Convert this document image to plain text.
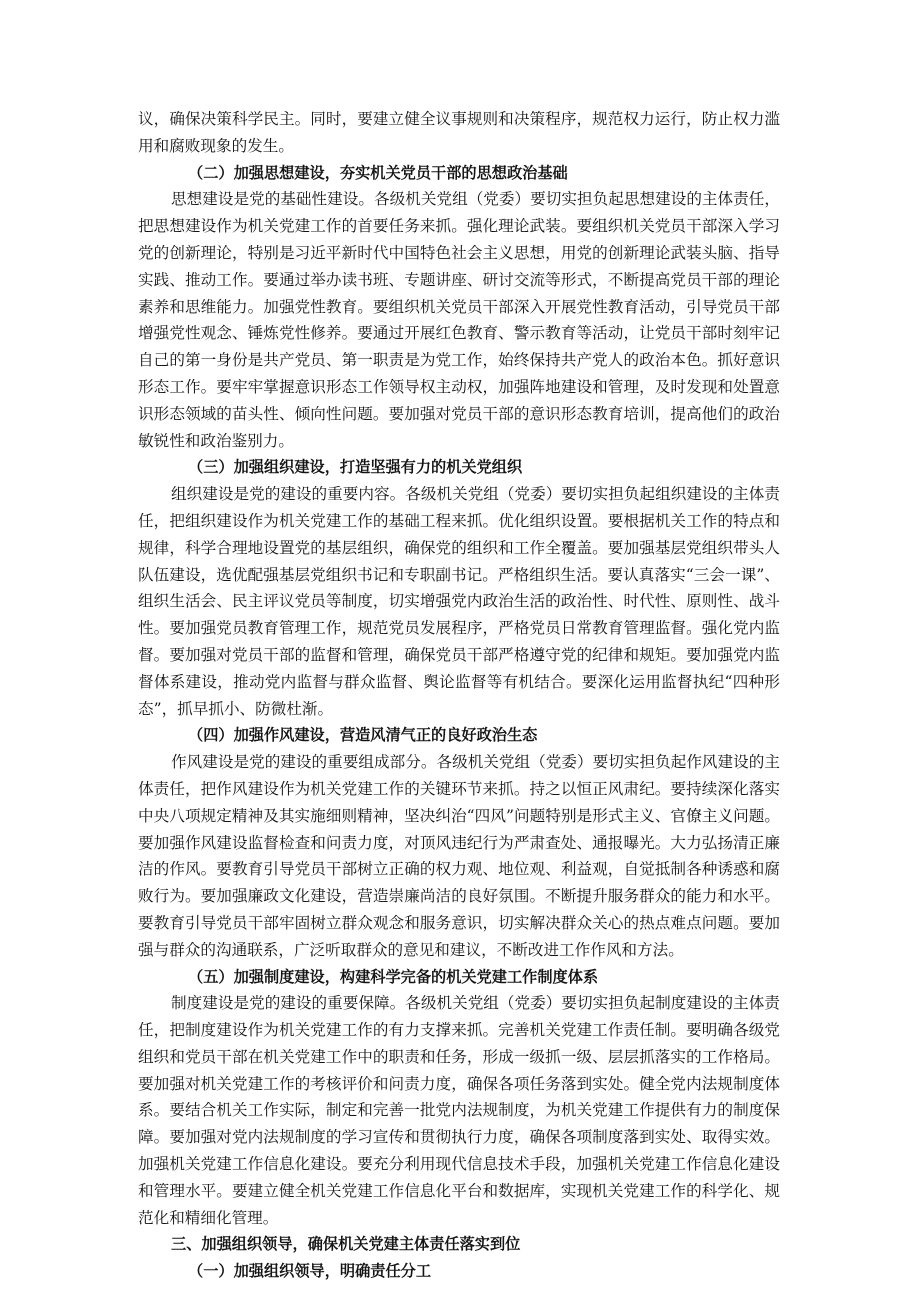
议，确保决策科学民主。同时，要建立健全议事规则和决策程序，规范权力运行，防止权力滥用和腐败现象的发生。

（二）加强思想建设，夯实机关党员干部的思想政治基础

思想建设是党的基础性建设。各级机关党组（党委）要切实担负起思想建设的主体责任，把思想建设作为机关党建工作的首要任务来抓。强化理论武装。要组织机关党员干部深入学习党的创新理论，特别是习近平新时代中国特色社会主义思想，用党的创新理论武装头脑、指导实践、推动工作。要通过举办读书班、专题讲座、研讨交流等形式，不断提高党员干部的理论素养和思维能力。加强党性教育。要组织机关党员干部深入开展党性教育活动，引导党员干部增强党性观念、锤炼党性修养。要通过开展红色教育、警示教育等活动，让党员干部时刻牢记自己的第一身份是共产党员、第一职责是为党工作，始终保持共产党人的政治本色。抓好意识形态工作。要牢牢掌握意识形态工作领导权主动权，加强阵地建设和管理，及时发现和处置意识形态领域的苗头性、倾向性问题。要加强对党员干部的意识形态教育培训，提高他们的政治敏锐性和政治鉴别力。

（三）加强组织建设，打造坚强有力的机关党组织

组织建设是党的建设的重要内容。各级机关党组（党委）要切实担负起组织建设的主体责任，把组织建设作为机关党建工作的基础工程来抓。优化组织设置。要根据机关工作的特点和规律，科学合理地设置党的基层组织，确保党的组织和工作全覆盖。要加强基层党组织带头人队伍建设，选优配强基层党组织书记和专职副书记。严格组织生活。要认真落实“三会一课”、组织生活会、民主评议党员等制度，切实增强党内政治生活的政治性、时代性、原则性、战斗性。要加强党员教育管理工作，规范党员发展程序，严格党员日常教育管理监督。强化党内监督。要加强对党员干部的监督和管理，确保党员干部严格遵守党的纪律和规矩。要加强党内监督体系建设，推动党内监督与群众监督、舆论监督等有机结合。要深化运用监督执纪“四种形态”，抓早抓小、防微杜渐。

（四）加强作风建设，营造风清气正的良好政治生态

作风建设是党的建设的重要组成部分。各级机关党组（党委）要切实担负起作风建设的主体责任，把作风建设作为机关党建工作的关键环节来抓。持之以恒正风肃纪。要持续深化落实中央八项规定精神及其实施细则精神，坚决纠治“四风”问题特别是形式主义、官僚主义问题。要加强作风建设监督检查和问责力度，对顶风违纪行为严肃查处、通报曝光。大力弘扬清正廉洁的作风。要教育引导党员干部树立正确的权力观、地位观、利益观，自觉抵制各种诱惑和腐败行为。要加强廉政文化建设，营造崇廉尚洁的良好氛围。不断提升服务群众的能力和水平。要教育引导党员干部牢固树立群众观念和服务意识，切实解决群众关心的热点难点问题。要加强与群众的沟通联系，广泛听取群众的意见和建议，不断改进工作作风和方法。

（五）加强制度建设，构建科学完备的机关党建工作制度体系

制度建设是党的建设的重要保障。各级机关党组（党委）要切实担负起制度建设的主体责任，把制度建设作为机关党建工作的有力支撑来抓。完善机关党建工作责任制。要明确各级党组织和党员干部在机关党建工作中的职责和任务，形成一级抓一级、层层抓落实的工作格局。要加强对机关党建工作的考核评价和问责力度，确保各项任务落到实处。健全党内法规制度体系。要结合机关工作实际，制定和完善一批党内法规制度，为机关党建工作提供有力的制度保障。要加强对党内法规制度的学习宣传和贯彻执行力度，确保各项制度落到实处、取得实效。加强机关党建工作信息化建设。要充分利用现代信息技术手段，加强机关党建工作信息化建设和管理水平。要建立健全机关党建工作信息化平台和数据库，实现机关党建工作的科学化、规范化和精细化管理。

三、加强组织领导，确保机关党建主体责任落实到位

（一）加强组织领导，明确责任分工
